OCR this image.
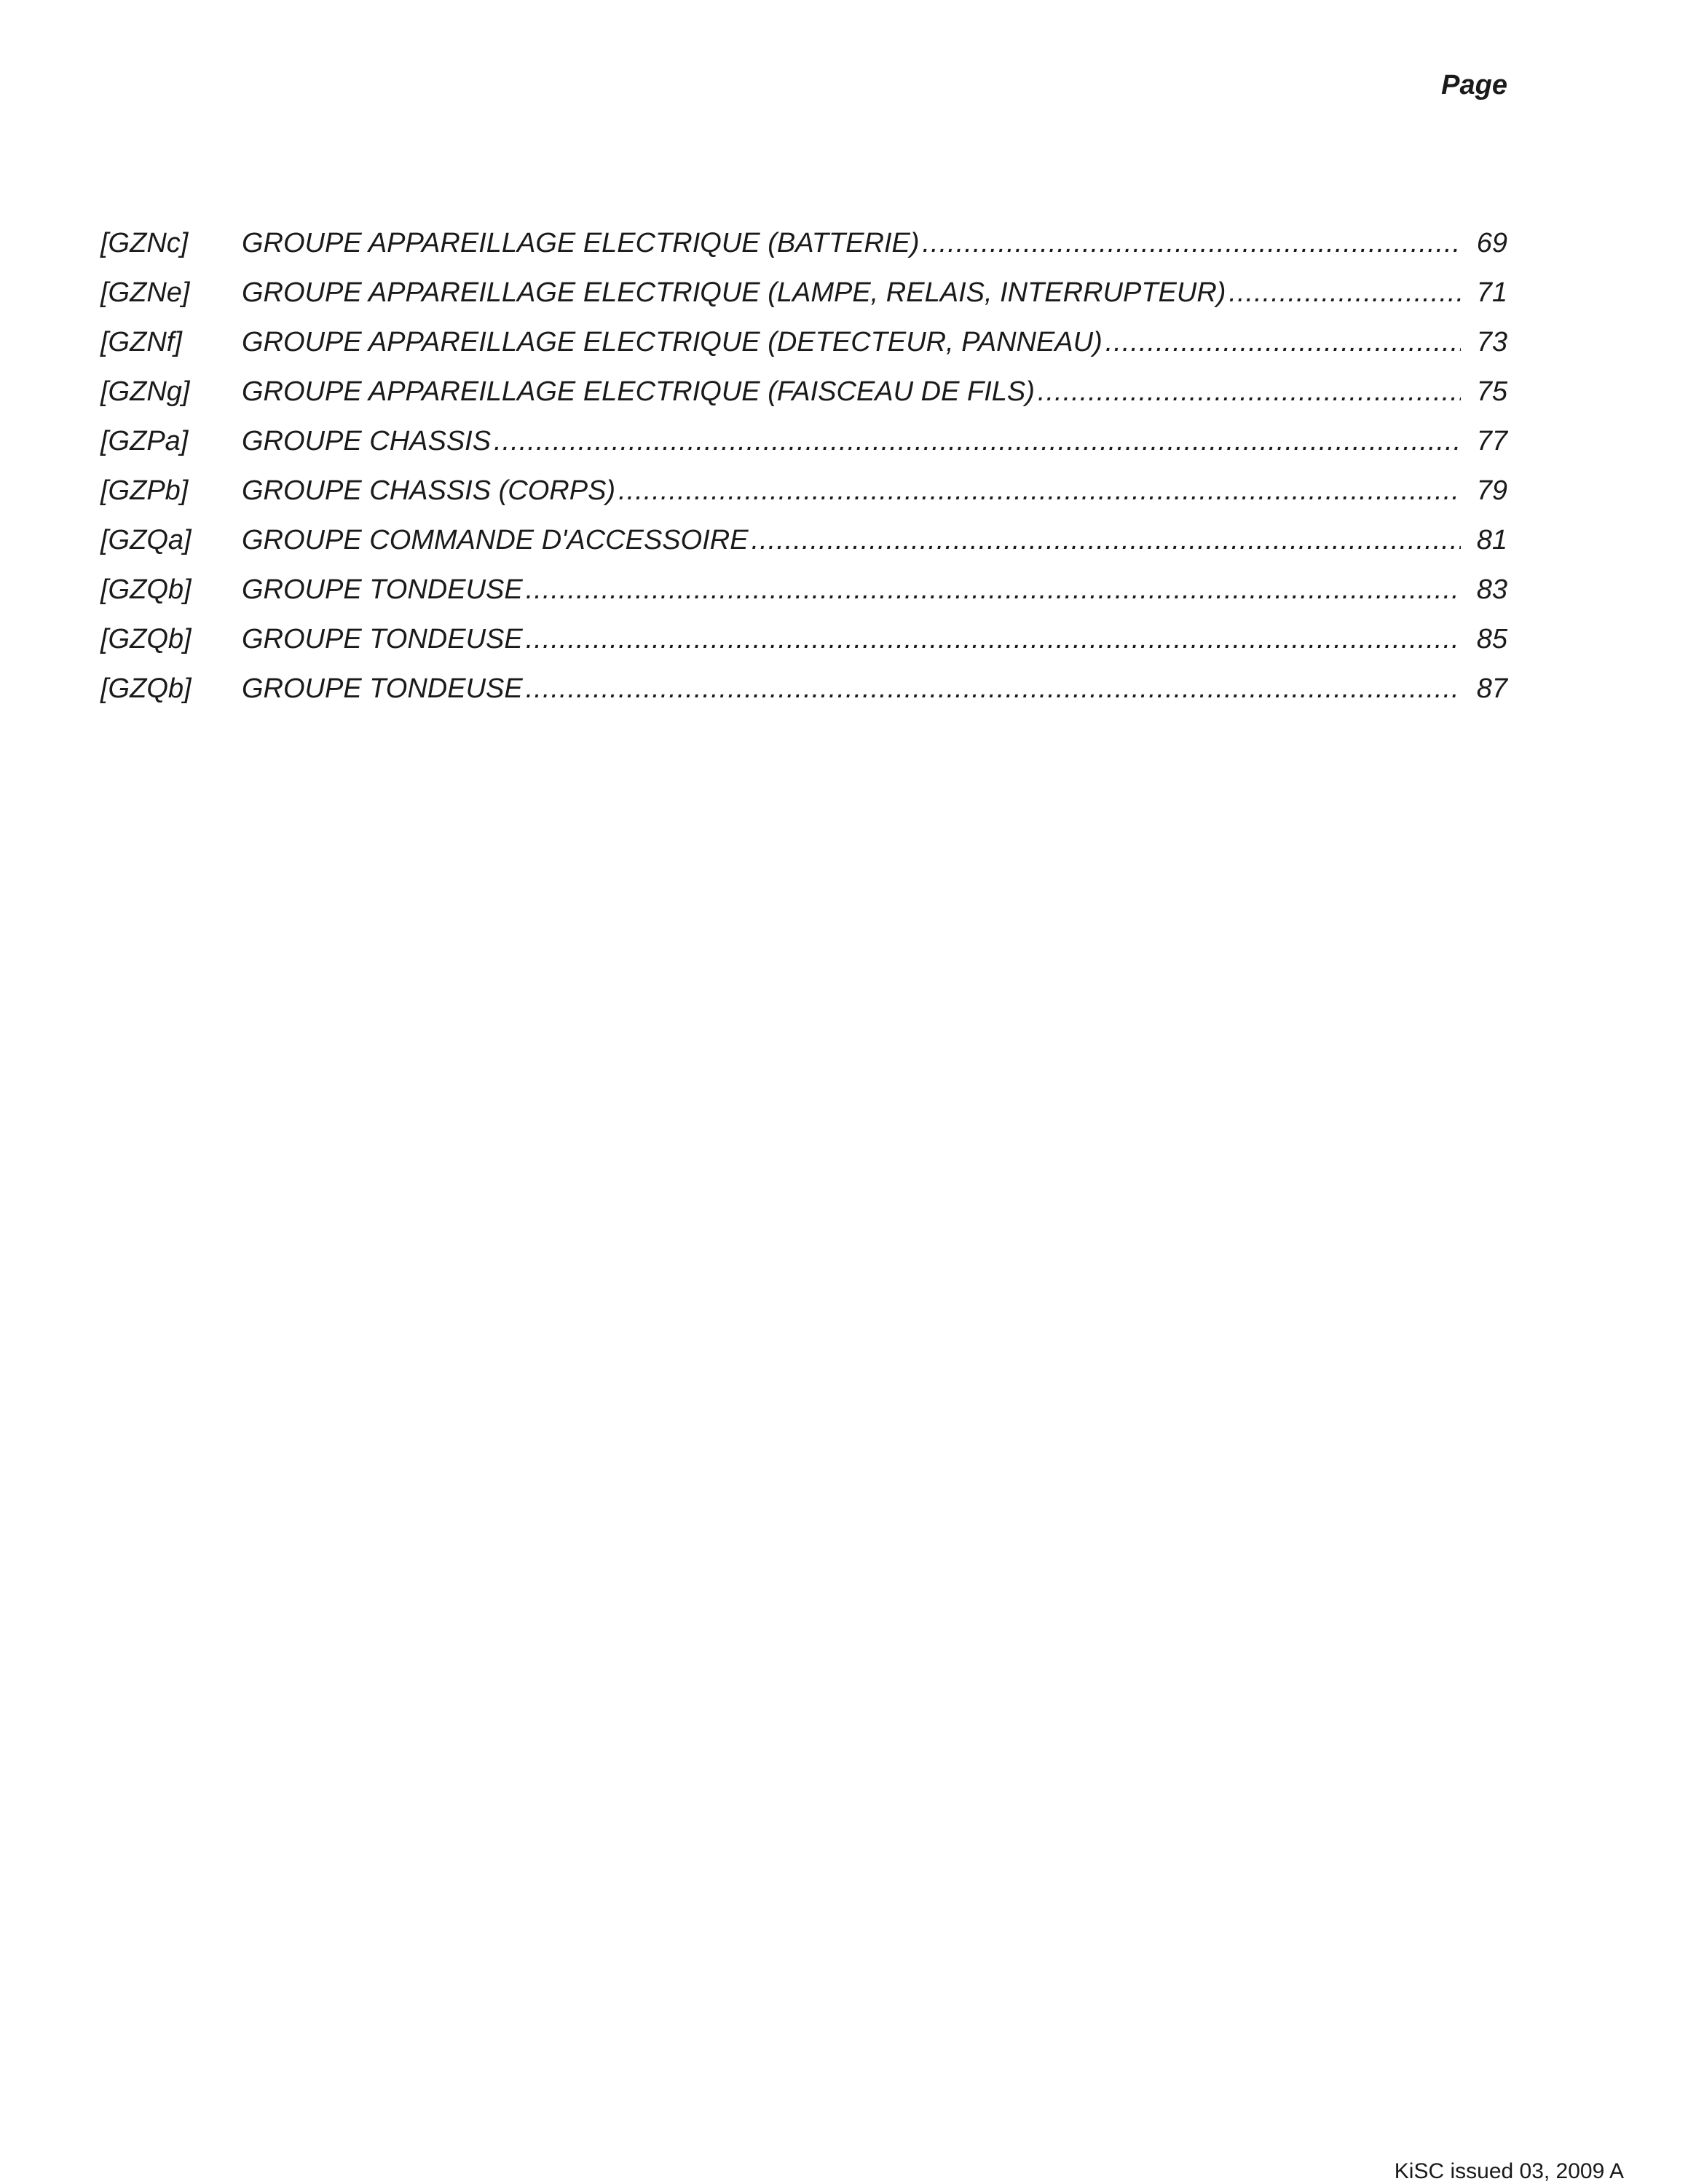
Page
[GZNc] GROUPE APPAREILLAGE ELECTRIQUE (BATTERIE) .....	69
[GZNe] GROUPE APPAREILLAGE ELECTRIQUE (LAMPE, RELAIS, INTERRUPTEUR) .....	71
[GZNf] GROUPE APPAREILLAGE ELECTRIQUE (DETECTEUR, PANNEAU) .....	73
[GZNg] GROUPE APPAREILLAGE ELECTRIQUE (FAISCEAU DE FILS) .....	75
[GZPa] GROUPE CHASSIS .....	77
[GZPb] GROUPE CHASSIS (CORPS) .....	79
[GZQa] GROUPE COMMANDE D'ACCESSOIRE .....	81
[GZQb] GROUPE TONDEUSE .....	83
[GZQb] GROUPE TONDEUSE .....	85
[GZQb] GROUPE TONDEUSE .....	87
KiSC issued 03, 2009 A
